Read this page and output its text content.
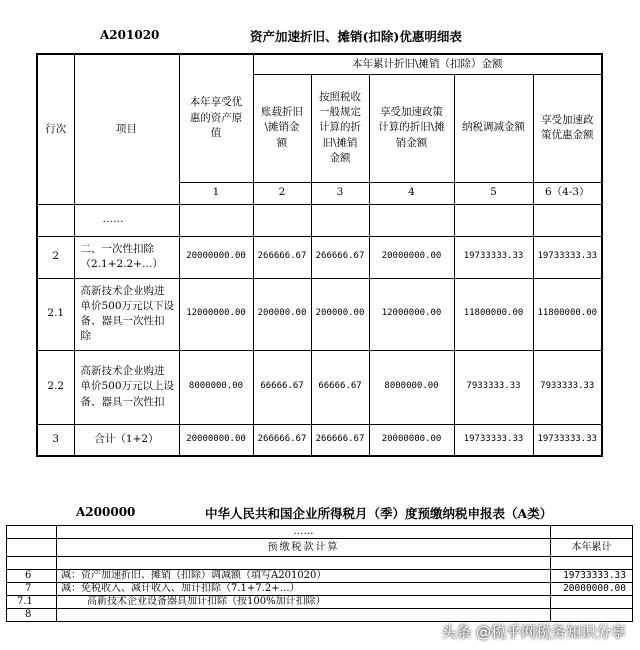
A201020	资产加速折旧、摊销(扣除)优惠明细表
行次	项目	本年享受优惠的资产原值	本年累计折旧\摊销（扣除）金额				
			账载折旧\摊销金额	按照税收一般规定计算的折旧\摊销金额	享受加速政策计算的折旧\摊销金额	纳税调减金额	享受加速政策优惠金额
		1	2	3	4	5	6（4-3）
	……						
2	二、一次性扣除（2.1+2.2+…）	20000000.00	266666.67	266666.67	20000000.00	19733333.33	19733333.33
2.1	高新技术企业购进单价500万元以下设备、器具一次性扣除	12000000.00	200000.00	200000.00	12000000.00	11800000.00	11800000.00
2.2	高新技术企业购进单价500万元以上设备、器具一次性扣	8000000.00	66666.67	66666.67	8000000.00	7933333.33	7933333.33
3	合计（1+2）	20000000.00	266666.67	266666.67	20000000.00	19733333.33	19733333.33
A200000	中华人民共和国企业所得税月（季）度预缴纳税申报表（A类）
	……	
	预缴税款计算	本年累计

6	减：资产加速折旧、摊销（扣除）调减额（填写A201020）	19733333.33
7	减：免税收入、减计收入、加计扣除（7.1+7.2+…）	20000000.00
7.1	高新技术企业设备器具加计扣除（按100%加计扣除）	
8		
头条 @税乎网税务知识分享
